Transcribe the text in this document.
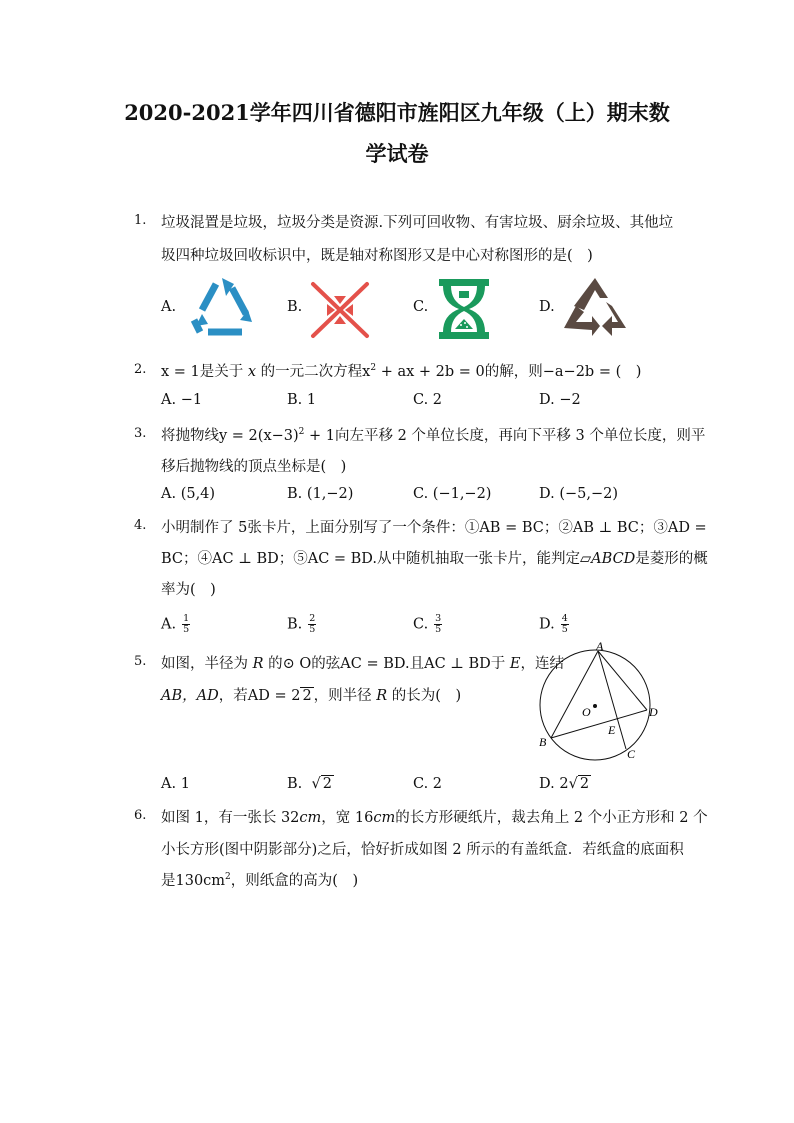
2020-2021学年四川省德阳市旌阳区九年级（上）期末数
学试卷
1. 垃圾混置是垃圾，垃圾分类是资源.下列可回收物、有害垃圾、厨余垃圾、其他垃
圾四种垃圾回收标识中，既是轴对称图形又是中心对称图形的是(　)
A.	B.	C.	D.
2. x = 1是关于 x 的一元二次方程$x^2$ + ax + 2b = 0的解，则−a−2b = (　)
A. −1	B. 1	C. 2	D. −2
3. 将抛物线$y = 2(x-3)^2 + 1$向左平移 2 个单位长度，再向下平移 3 个单位长度，则平
移后抛物线的顶点坐标是(　)
A. (5,4)	B. (1,−2)	C. (−1,−2)	D. (−5,−2)
4. 小明制作了 5张卡片，上面分别写了一个条件：①AB = BC；②AB ⊥ BC；③AD =
BC；④AC ⊥ BD；⑤AC = BD.从中随机抽取一张卡片，能判定▱ABCD是菱形的概
率为(　)
A. $\frac{1}{5}$	B. $\frac{2}{5}$	C. $\frac{3}{5}$	D. $\frac{4}{5}$
5. 如图，半径为 R 的⊙ O的弦AC = BD.且AC ⊥ BD于 E，连结
AB，AD，若AD = 2 2 ，则半径 R 的长为(　)
A
B
C
D
E
O
A. 1	B.  √ 2	C. 2	D. 2√ 2
6. 如图 1，有一张长 32cm，宽 16cm的长方形硬纸片，裁去角上 2 个小正方形和 2 个
小长方形(图中阴影部分)之后，恰好折成如图 2 所示的有盖纸盒．若纸盒的底面积
是$130cm^2$，则纸盒的高为(　)
